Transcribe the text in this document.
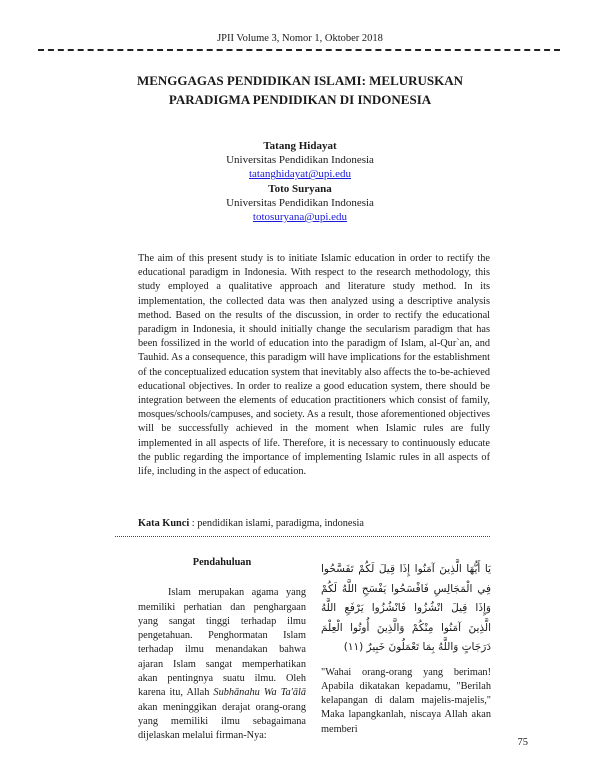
JPII Volume 3, Nomor 1, Oktober 2018
MENGGAGAS PENDIDIKAN ISLAMI: MELURUSKAN
PARADIGMA PENDIDIKAN DI INDONESIA
Tatang Hidayat
Universitas Pendidikan Indonesia
tatanghidayat@upi.edu
Toto Suryana
Universitas Pendidikan Indonesia
totosuryana@upi.edu
The aim of this present study is to initiate Islamic education in order to rectify the educational paradigm in Indonesia. With respect to the research methodology, this study employed a qualitative approach and literature study method. In its implementation, the collected data was then analyzed using a descriptive analysis method. Based on the results of the discussion, in order to rectify the educational paradigm in Indonesia, it should initially change the secularism paradigm that has been fossilized in the world of education into the paradigm of Islam, al-Qur`an, and Tauhid. As a consequence, this paradigm will have implications for the establishment of the conceptualized education system that inevitably also affects the to-be-achieved educational objectives. In order to realize a good education system, there should be integration between the elements of education practitioners which consist of family, mosques/schools/campuses, and society. As a result, those aforementioned objectives will be successfully achieved in the moment when Islamic rules are fully implemented in all aspects of life. Therefore, it is necessary to continuously educate the public regarding the importance of implementing Islamic rules in all aspects of life, including in the aspect of education.
Kata Kunci : pendidikan islami, paradigma, indonesia
Pendahuluan

Islam merupakan agama yang memiliki perhatian dan penghargaan yang sangat tinggi terhadap ilmu pengetahuan. Penghormatan Islam terhadap ilmu menandakan bahwa ajaran Islam sangat memperhatikan akan pentingnya suatu ilmu. Oleh karena itu, Allah Subhānahu Wa Ta'ālā akan meninggikan derajat orang-orang yang memiliki ilmu sebagaimana dijelaskan melalui firman-Nya:

يَا أَيُّهَا الَّذِينَ آمَنُوا إِذَا قِيلَ لَكُمْ تَفَسَّحُوا فِي الْمَجَالِسِ فَافْسَحُوا يَفْسَحِ اللَّهُ لَكُمْ وَإِذَا قِيلَ انْشُزُوا فَانْشُزُوا يَرْفَعِ اللَّهُ الَّذِينَ آمَنُوا مِنْكُمْ وَالَّذِينَ أُوتُوا الْعِلْمَ دَرَجَاتٍ وَاللَّهُ بِمَا تَعْمَلُونَ خَبِيرٌ (١١)
"Wahai orang-orang yang beriman! Apabila dikatakan kepadamu, "Berilah kelapangan di dalam majelis-majelis," Maka lapangkanlah, niscaya Allah akan memberi
75
